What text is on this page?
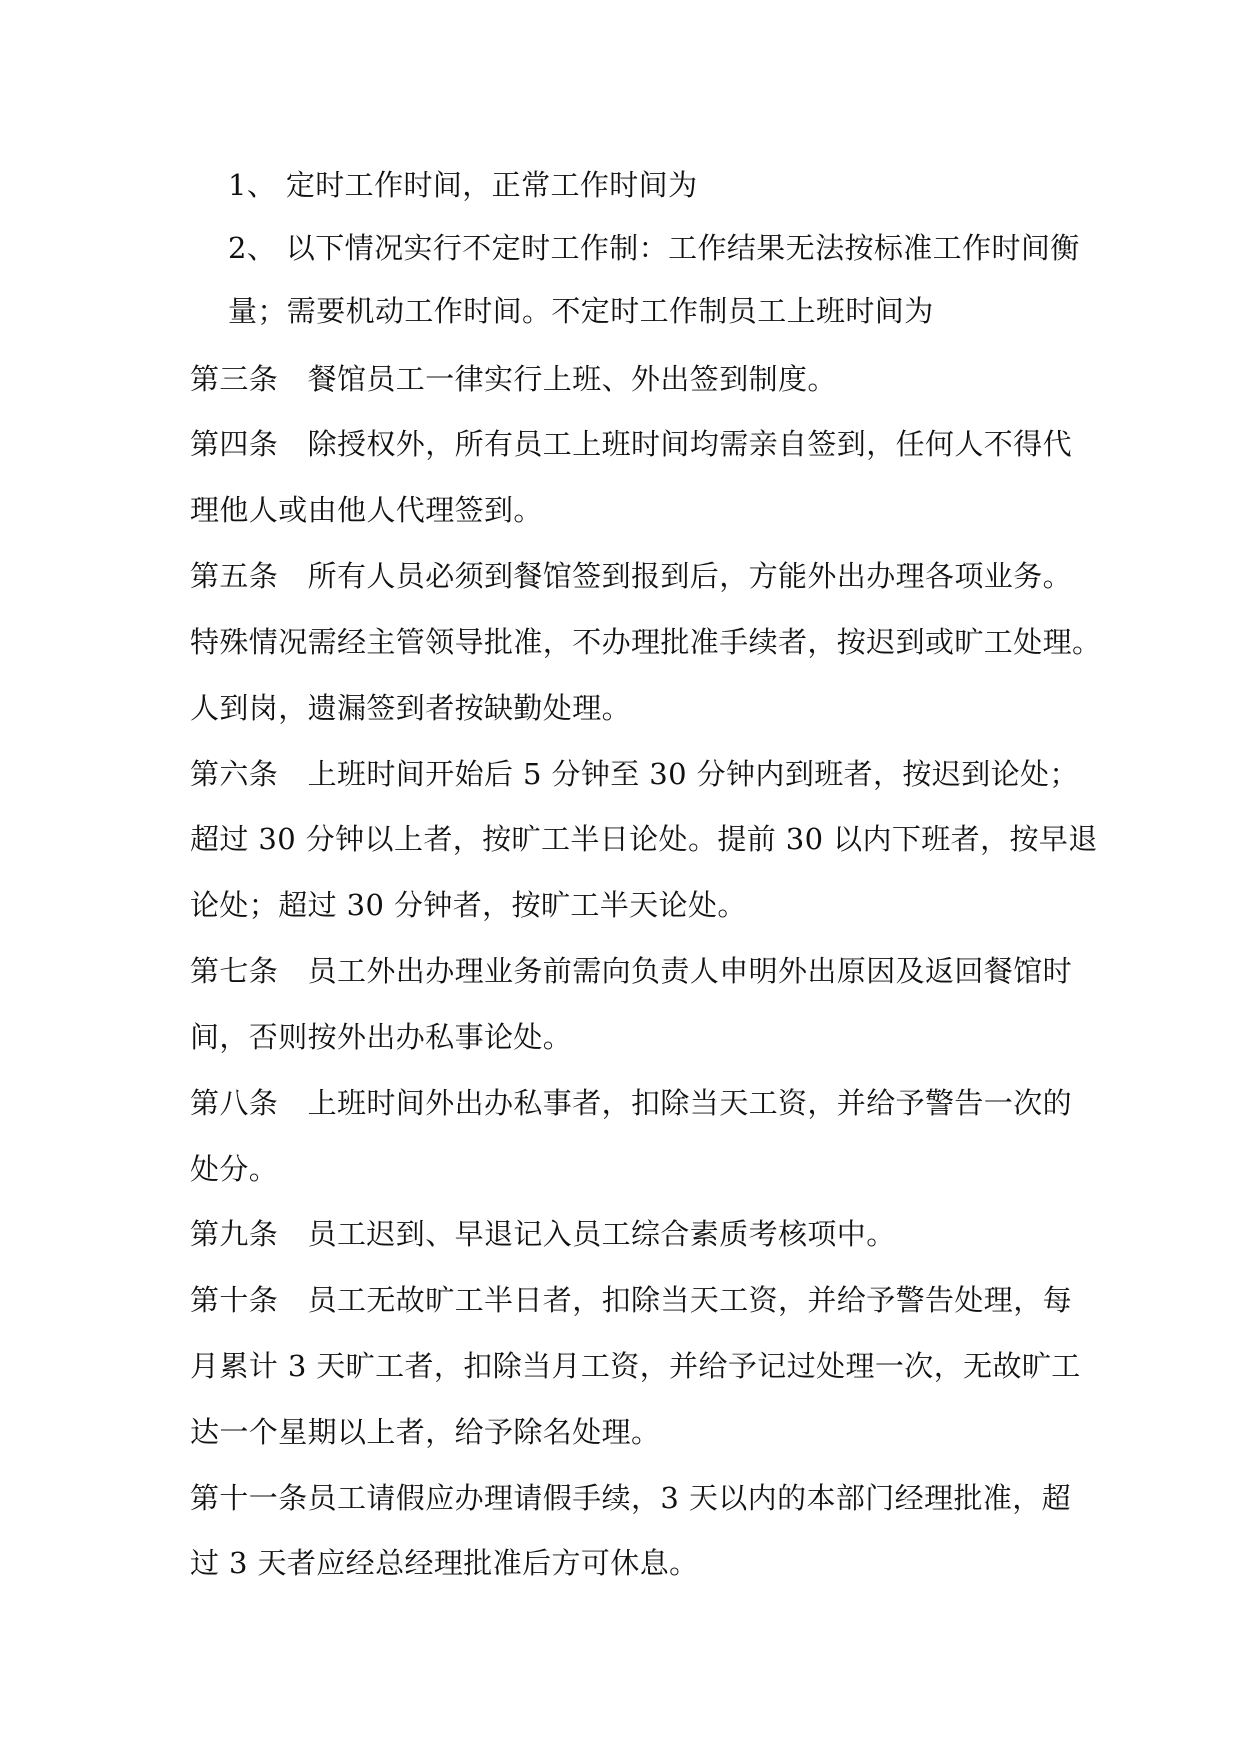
1、 定时工作时间，正常工作时间为

2、 以下情况实行不定时工作制：工作结果无法按标准工作时间衡

量；需要机动工作时间。不定时工作制员工上班时间为

第三条　餐馆员工一律实行上班、外出签到制度。

第四条　除授权外，所有员工上班时间均需亲自签到，任何人不得代

理他人或由他人代理签到。

第五条　所有人员必须到餐馆签到报到后，方能外出办理各项业务。

特殊情况需经主管领导批准，不办理批准手续者，按迟到或旷工处理。

人到岗，遗漏签到者按缺勤处理。

第六条　上班时间开始后 5 分钟至 30 分钟内到班者，按迟到论处；

超过 30 分钟以上者，按旷工半日论处。提前 30 以内下班者，按早退

论处；超过 30 分钟者，按旷工半天论处。

第七条　员工外出办理业务前需向负责人申明外出原因及返回餐馆时

间，否则按外出办私事论处。

第八条　上班时间外出办私事者，扣除当天工资，并给予警告一次的

处分。

第九条　员工迟到、早退记入员工综合素质考核项中。

第十条　员工无故旷工半日者，扣除当天工资，并给予警告处理，每

月累计 3 天旷工者，扣除当月工资，并给予记过处理一次，无故旷工

达一个星期以上者，给予除名处理。

第十一条员工请假应办理请假手续，3 天以内的本部门经理批准，超

过 3 天者应经总经理批准后方可休息。
